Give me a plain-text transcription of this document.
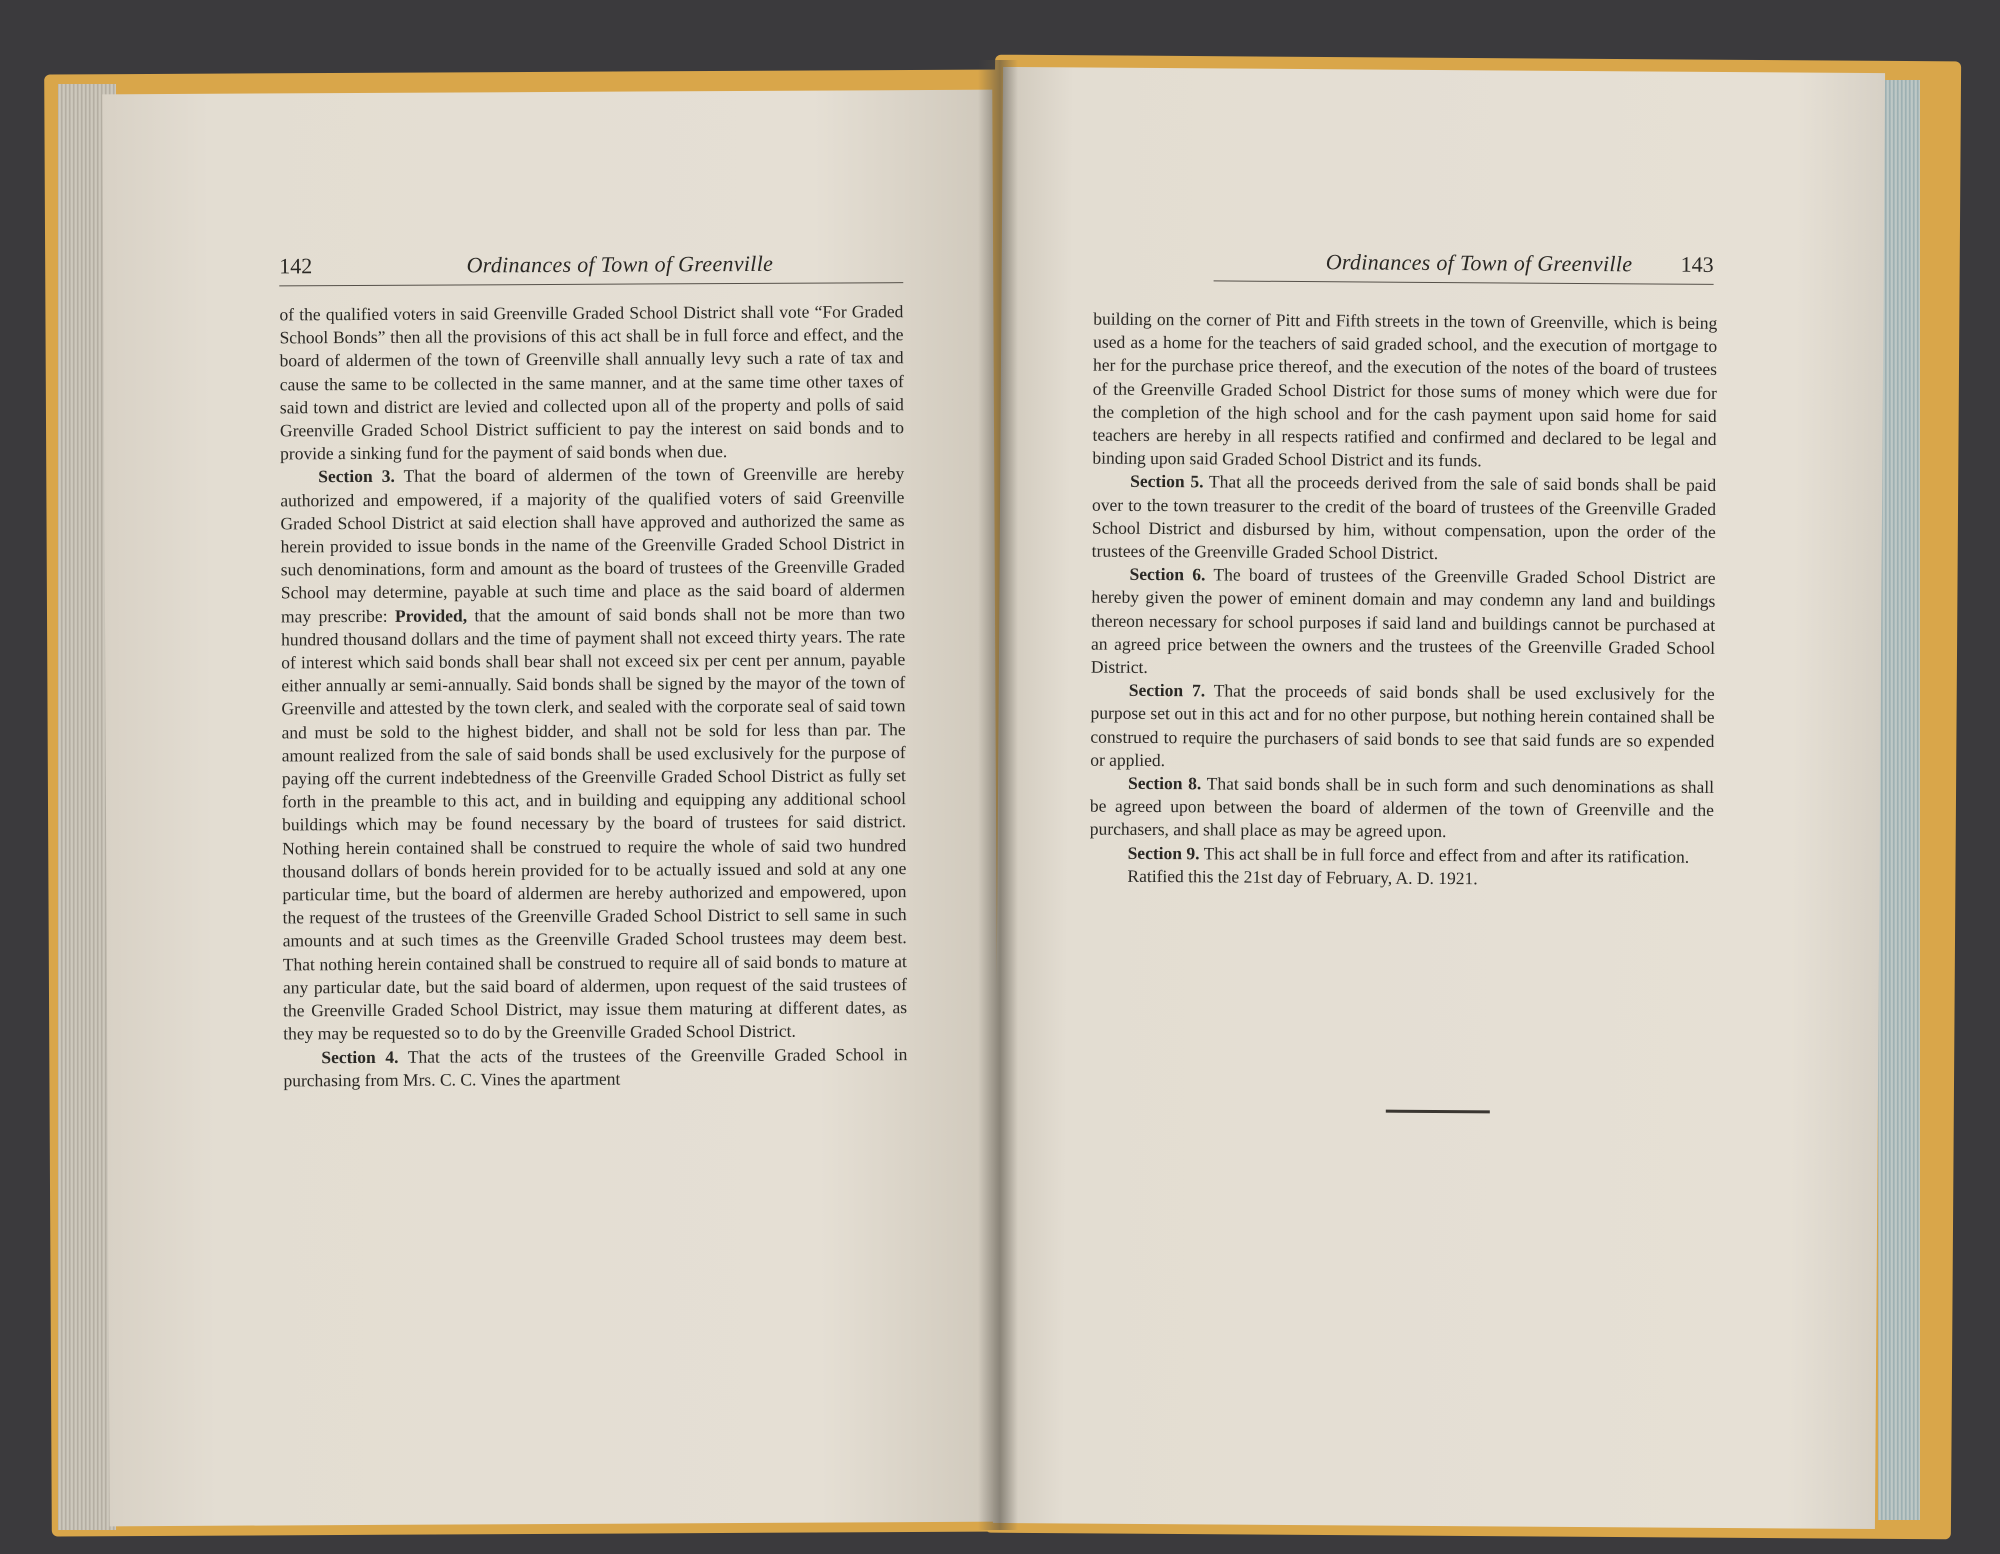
142	Ordinances of Town of Greenville

of the qualified voters in said Greenville Graded School District shall vote “For Graded School Bonds” then all the provisions of this act shall be in full force and effect, and the board of aldermen of the town of Greenville shall annually levy such a rate of tax and cause the same to be collected in the same manner, and at the same time other taxes of said town and district are levied and collected upon all of the property and polls of said Greenville Graded School District sufficient to pay the interest on said bonds and to provide a sinking fund for the payment of said bonds when due.

Section 3. That the board of aldermen of the town of Greenville are hereby authorized and empowered, if a majority of the qualified voters of said Greenville Graded School District at said election shall have approved and authorized the same as herein provided to issue bonds in the name of the Greenville Graded School District in such denominations, form and amount as the board of trustees of the Greenville Graded School may determine, payable at such time and place as the said board of aldermen may prescribe: Provided, that the amount of said bonds shall not be more than two hundred thousand dollars and the time of payment shall not exceed thirty years. The rate of interest which said bonds shall bear shall not exceed six per cent per annum, payable either annually ar semi-annually. Said bonds shall be signed by the mayor of the town of Greenville and attested by the town clerk, and sealed with the corporate seal of said town and must be sold to the highest bidder, and shall not be sold for less than par. The amount realized from the sale of said bonds shall be used exclusively for the purpose of paying off the current indebtedness of the Greenville Graded School District as fully set forth in the preamble to this act, and in building and equipping any additional school buildings which may be found necessary by the board of trustees for said district. Nothing herein contained shall be construed to require the whole of said two hundred thousand dollars of bonds herein provided for to be actually issued and sold at any one particular time, but the board of aldermen are hereby authorized and empowered, upon the request of the trustees of the Greenville Graded School District to sell same in such amounts and at such times as the Greenville Graded School trustees may deem best. That nothing herein contained shall be construed to require all of said bonds to mature at any particular date, but the said board of aldermen, upon request of the said trustees of the Greenville Graded School District, may issue them maturing at different dates, as they may be requested so to do by the Greenville Graded School District.

Section 4. That the acts of the trustees of the Greenville Graded School in purchasing from Mrs. C. C. Vines the apartment

Ordinances of Town of Greenville 143

building on the corner of Pitt and Fifth streets in the town of Greenville, which is being used as a home for the teachers of said graded school, and the execution of mortgage to her for the purchase price thereof, and the execution of the notes of the board of trustees of the Greenville Graded School District for those sums of money which were due for the completion of the high school and for the cash payment upon said home for said teachers are hereby in all respects ratified and confirmed and declared to be legal and binding upon said Graded School District and its funds.

Section 5. That all the proceeds derived from the sale of said bonds shall be paid over to the town treasurer to the credit of the board of trustees of the Greenville Graded School District and disbursed by him, without compensation, upon the order of the trustees of the Greenville Graded School District.

Section 6. The board of trustees of the Greenville Graded School District are hereby given the power of eminent domain and may condemn any land and buildings thereon necessary for school purposes if said land and buildings cannot be purchased at an agreed price between the owners and the trustees of the Greenville Graded School District.

Section 7. That the proceeds of said bonds shall be used exclusively for the purpose set out in this act and for no other purpose, but nothing herein contained shall be construed to require the purchasers of said bonds to see that said funds are so expended or applied.

Section 8. That said bonds shall be in such form and such denominations as shall be agreed upon between the board of aldermen of the town of Greenville and the purchasers, and shall place as may be agreed upon.

Section 9. This act shall be in full force and effect from and after its ratification.

Ratified this the 21st day of February, A. D. 1921.
